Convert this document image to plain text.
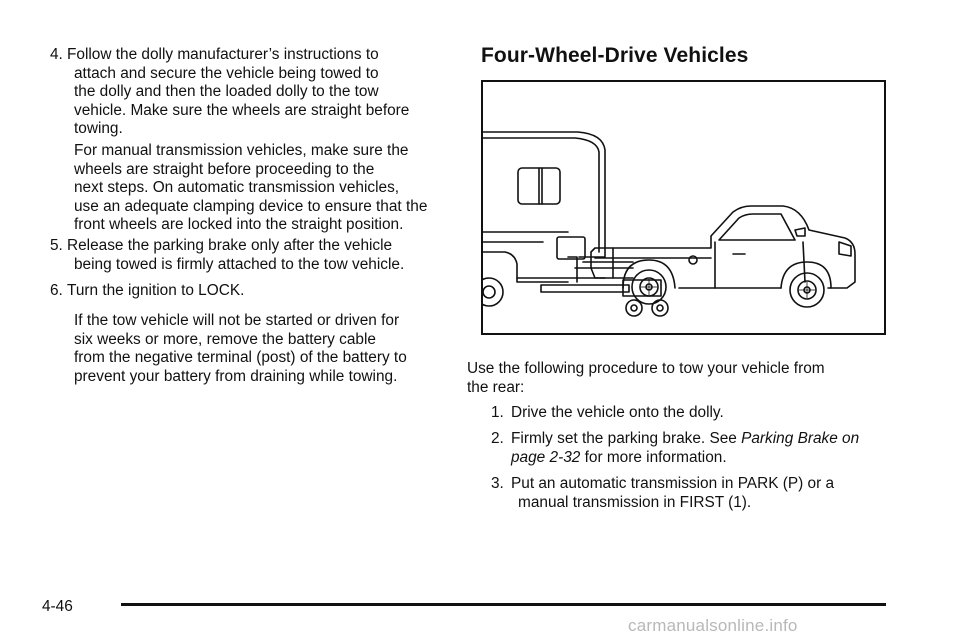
4. Follow the dolly manufacturer’s instructions to
attach and secure the vehicle being towed to
the dolly and then the loaded dolly to the tow
vehicle. Make sure the wheels are straight before
towing.
For manual transmission vehicles, make sure the
wheels are straight before proceeding to the
next steps. On automatic transmission vehicles,
use an adequate clamping device to ensure that the
front wheels are locked into the straight position.
5. Release the parking brake only after the vehicle
being towed is firmly attached to the tow vehicle.
6. Turn the ignition to LOCK.
If the tow vehicle will not be started or driven for
six weeks or more, remove the battery cable
from the negative terminal (post) of the battery to
prevent your battery from draining while towing.
Four-Wheel-Drive Vehicles
Use the following procedure to tow your vehicle from
the rear:
1. Drive the vehicle onto the dolly.
2. Firmly set the parking brake. See Parking Brake on
page 2-32 for more information.
3. Put an automatic transmission in PARK (P) or a
manual transmission in FIRST (1).
4-46
carmanualsonline.info
